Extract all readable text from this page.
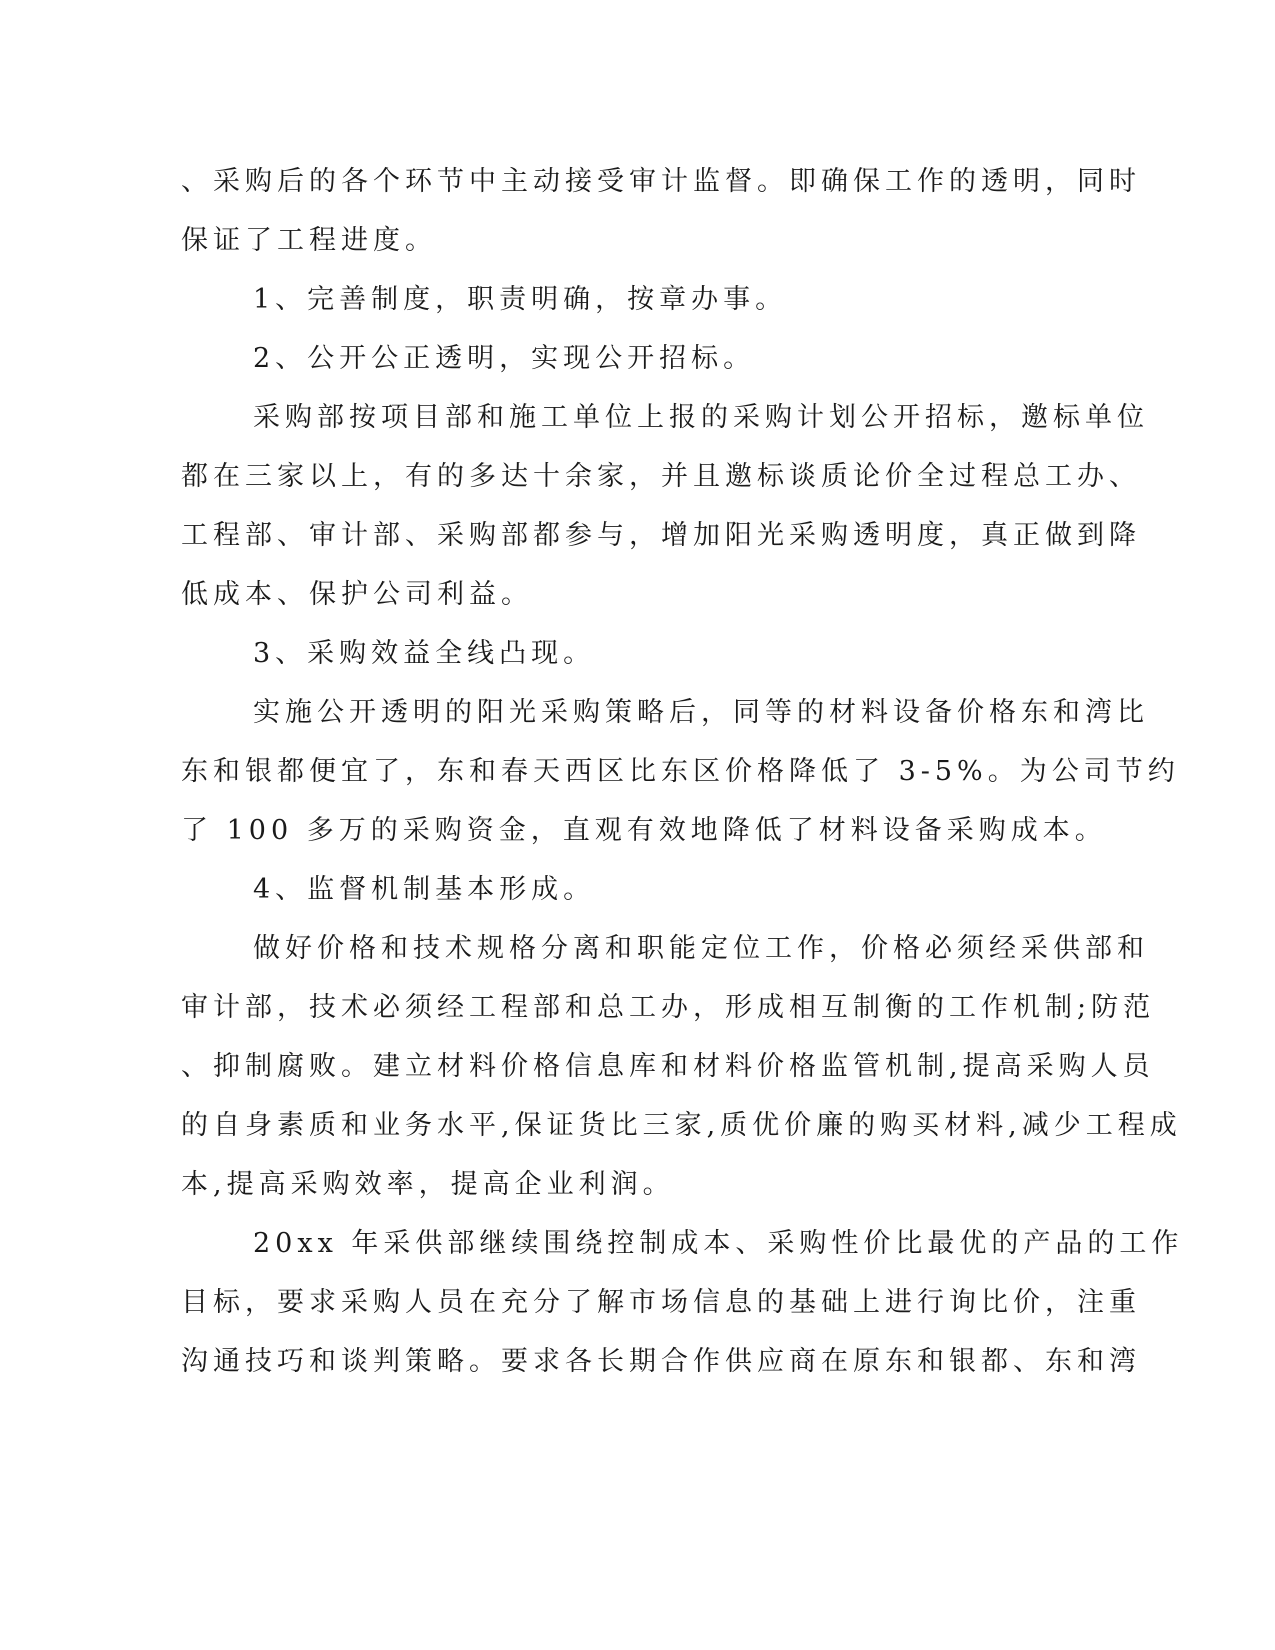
、采购后的各个环节中主动接受审计监督。即确保工作的透明，同时
保证了工程进度。
1、完善制度，职责明确，按章办事。
2、公开公正透明，实现公开招标。
采购部按项目部和施工单位上报的采购计划公开招标，邀标单位
都在三家以上，有的多达十余家，并且邀标谈质论价全过程总工办、
工程部、审计部、采购部都参与，增加阳光采购透明度，真正做到降
低成本、保护公司利益。
3、采购效益全线凸现。
实施公开透明的阳光采购策略后，同等的材料设备价格东和湾比
东和银都便宜了，东和春天西区比东区价格降低了 3-5%。为公司节约
了 100 多万的采购资金，直观有效地降低了材料设备采购成本。
4、监督机制基本形成。
做好价格和技术规格分离和职能定位工作，价格必须经采供部和
审计部，技术必须经工程部和总工办，形成相互制衡的工作机制;防范
、抑制腐败。建立材料价格信息库和材料价格监管机制,提高采购人员
的自身素质和业务水平,保证货比三家,质优价廉的购买材料,减少工程成
本,提高采购效率，提高企业利润。
20xx 年采供部继续围绕控制成本、采购性价比最优的产品的工作
目标，要求采购人员在充分了解市场信息的基础上进行询比价，注重
沟通技巧和谈判策略。要求各长期合作供应商在原东和银都、东和湾
